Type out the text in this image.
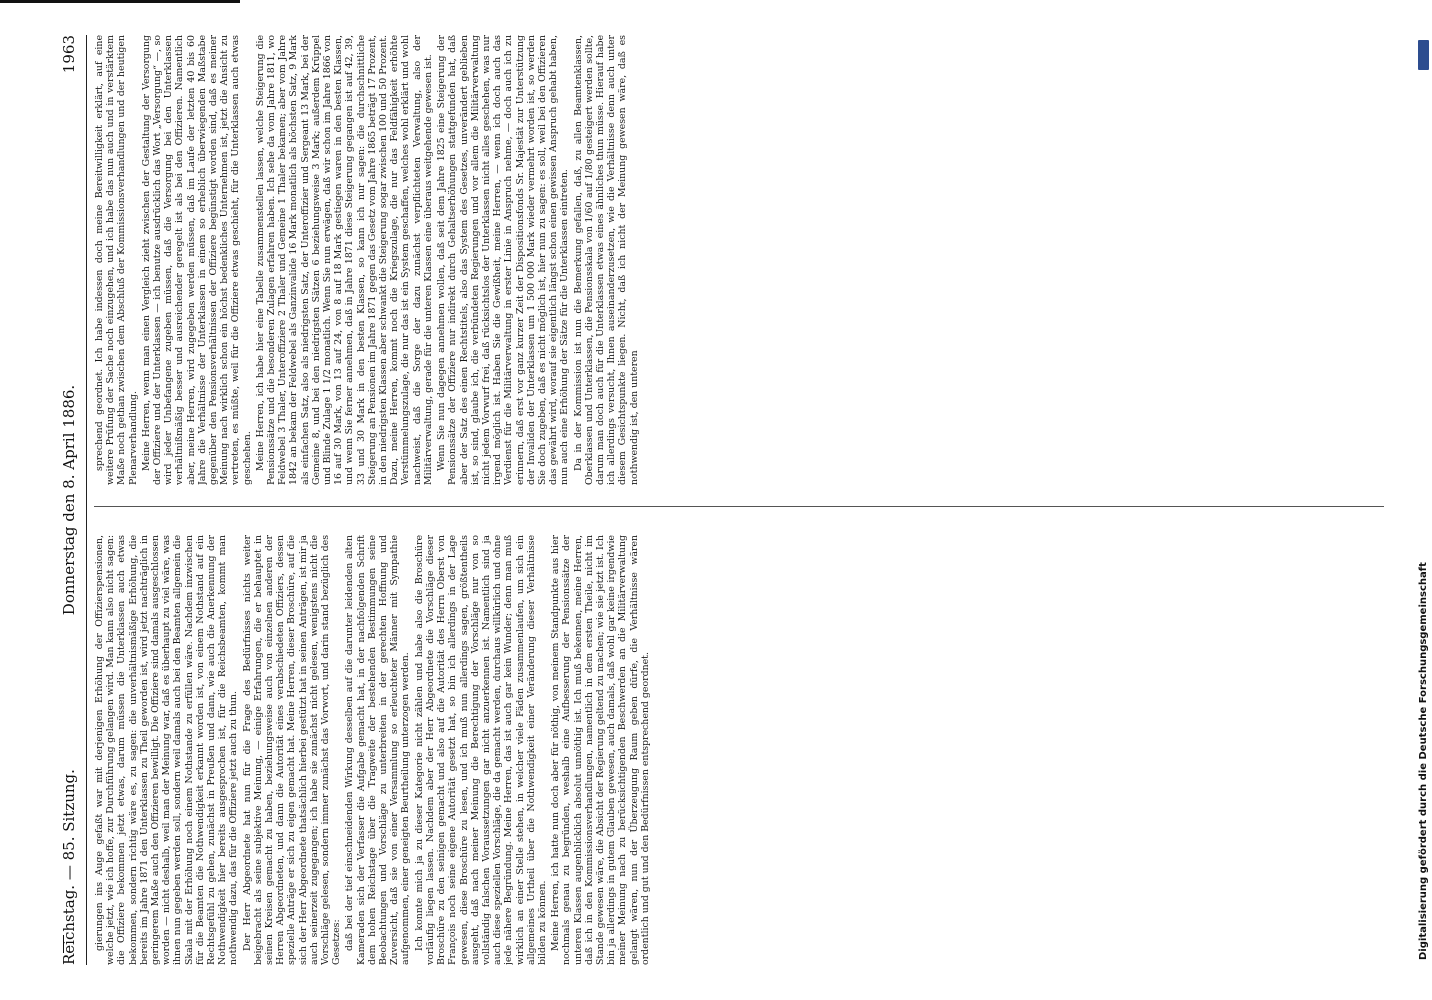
Reichstag. — 85. Sitzung.
Donnerstag den 8. April 1886.
1963

gierungen ins Auge gefaßt war mit derjenigen Erhöhung der Offizierspensionen, welche jetzt, wie ich hoffe, zur Durchführung gelangen wird. Man kann also nicht sagen: die Offiziere bekommen jetzt etwas, darum müssen die Unterklassen auch etwas bekommen, sondern richtig wäre es, zu sagen: die unverhältnismäßige Erhöhung, die bereits im Jahre 1871 den Unterklassen zu Theil geworden ist, wird jetzt nachträglich in geringerem Maße auch den Offizieren bewilligt. Die Offiziere sind damals ausgeschlossen worden — nicht deshalb, weil man der Meinung war, daß es überhaupt zu viel wäre, was ihnen nun gegeben werden soll, sondern weil damals auch bei den Beamten allgemein die Skala mit der Erhöhung noch einem Nothstande zu erfüllen wäre. Nachdem inzwischen für die Beamten die Nothwendigkeit erkannt worden ist, von einem Nothstand auf ein Rechtsgefühl zu gehen, zunächst in Preußen und dann, wie auch die Anerkennung der Nothwendigkeit hier bereits ausgesprochen ist, für die Reichsbeamten, kommt man nothwendig dazu, das für die Offiziere jetzt auch zu thun. Der Herr Abgeordnete hat nun für die Frage des Bedürfnisses nichts weiter beigebracht als seine subjektive Meinung, — einige Erfahrungen, die er behauptet in seinen Kreisen gemacht zu haben, beziehungsweise auch von einzelnen anderen der Herren Abgeordneten, und dann die Autorität eines verabschiedeten Offiziers, dessen spezielle Anträge er sich zu eigen gemacht hat. Meine Herren, dieser Broschüre, auf die sich der Herr Abgeordnete thatsächlich hierbei gestützt hat in seinen Anträgen, ist mir ja auch seinerzeit zugegangen; ich habe sie zunächst nicht gelesen, wenigstens nicht die Vorschläge gelesen, sondern immer zunächst das Vorwort, und darin stand bezüglich des Gesetzes: daß bei der tief einschneidenden Wirkung desselben auf die darunter leidenden alten Kameraden sich der Verfasser die Aufgabe gemacht hat, in der nachfolgenden Schrift dem hohen Reichstage über die Tragweite der bestehenden Bestimmungen seine Beobachtungen und Vorschläge zu unterbreiten in der gerechten Hoffnung und Zuversicht, daß sie von einer Versammlung so erleuchteter Männer mit Sympathie aufgenommen, einer geneigten Beurtheilung unterzogen werden. Ich konnte mich ja zu dieser Kategorie nicht zählen und habe also die Broschüre vorläufig liegen lassen. Nachdem aber der Herr Abgeordnete die Vorschläge dieser Broschüre zu den seinigen gemacht und also auf die Autorität des Herrn Oberst von François noch seine eigene Autorität gesetzt hat, so bin ich allerdings in der Lage gewesen, diese Broschüre zu lesen, und ich muß nun allerdings sagen, größtentheils ausgeht, daß nach meiner Meinung die Berechtigung der Vorschläge nur von so vollständig falschen Voraussetzungen gar nicht anzuerkennen ist. Namentlich sind ja auch diese speziellen Vorschläge, die da gemacht werden, durchaus willkürlich und ohne jede nähere Begründung. Meine Herren, das ist auch gar kein Wunder; denn man muß wirklich an einer Stelle stehen, in welcher viele Fäden zusammenlaufen, um sich ein allgemeines Urtheil über die Nothwendigkeit einer Veränderung dieser Verhältnisse bilden zu können. Meine Herren, ich hatte nun doch aber für nöthig, von meinem Standpunkte aus hier nochmals genau zu begründen, weshalb eine Aufbesserung der Pensionssätze der unteren Klassen augenblicklich absolut unnöthig ist. Ich muß bekennen, meine Herren, daß ich in den Kommissionsverhandlungen, namentlich in dem ersten Theile, nicht im Stande gewesen wäre, die Absicht der Regierung geltend zu machen; wie sie jetzt ist. Ich bin ja allerdings in gutem Glauben gewesen, auch damals, daß wohl gar keine irgendwie meiner Meinung nach zu berücksichtigenden Beschwerden an die Militärverwaltung gelangt wären, nun der Überzeugung Raum geben dürfe, die Verhältnisse wären ordentlich und gut und den Bedürfnissen entsprechend geordnet.

sprechend geordnet. Ich habe indessen doch meine Bereitwilligkeit erklärt, auf eine weitere Prüfung der Sache noch einzugehen, und ich habe das nun auch und in verstärktem Maße noch gethan zwischen dem Abschluß der Kommissionsverhandlungen und der heutigen Plenarverhandlung. Meine Herren, wenn man einen Vergleich zieht zwischen der Gestaltung der Versorgung der Offiziere und der Unterklassen — ich benutze ausdrücklich das Wort „Versorgung“ —, so wird jeder Unbefangene zugeben müssen, daß die Versorgung bei den Unterklassen verhältnißmäßig besser und ausreichender geregelt ist als bei den Offizieren. Namentlich aber, meine Herren, wird zugegeben werden müssen, daß im Laufe der letzten 40 bis 60 Jahre die Verhältnisse der Unterklassen in einem so erheblich überwiegenden Maßstabe gegenüber den Pensionsverhältnissen der Offiziere begünstigt worden sind, daß es meiner Meinung nach wirklich schon ein höchst bedenkliches Unternehmen ist, jetzt die Ansicht zu vertreten, es müßte, weil für die Offiziere etwas geschieht, für die Unterklassen auch etwas geschehen. Meine Herren, ich habe hier eine Tabelle zusammenstellen lassen, welche Steigerung die Pensionssätze und die besonderen Zulagen erfahren haben. Ich sehe da vom Jahre 1811, wo Feldwebel 3 Thaler, Unteroffiziere 2 Thaler und Gemeine 1 Thaler bekamen; aber vom Jahre 1842 an bekam der Feldwebel als Ganzinvalide 16 Mark monatlich als höchsten Satz, 9 Mark als einfachen Satz, also als niedrigsten Satz, der Unteroffizier und Sergeant 13 Mark, bei der Gemeine 8, und bei den niedrigsten Sätzen 6 beziehungsweise 3 Mark; außerdem Krüppel und Blinde Zulage 1 1/2 monatlich. Wenn Sie nun erwägen, daß wir schon im Jahre 1866 von 16 auf 30 Mark, von 13 auf 24, von 8 auf 18 Mark gestiegen waren in den besten Klassen, und wenn Sie ferner annehmen, daß in Jahre 1871 diese Steigerung gegangen ist auf 42, 39, 33 und 30 Mark in den besten Klassen, so kann ich nur sagen: die durchschnittliche Steigerung an Pensionen im Jahre 1871 gegen das Gesetz vom Jahre 1865 beträgt 17 Prozent, in den niedrigsten Klassen aber schwankt die Steigerung sogar zwischen 100 und 50 Prozent. Dazu, meine Herren, kommt noch die Kriegszulage, die nur das Feldfähigkeit erhöhte Verstümmelungszulage, die nur das ist ein System geschaffen, welches wohl erklärt und wohl nachweist, daß die Sorge der dazu zunächst verpflichteten Verwaltung, also der Militärverwaltung, gerade für die unteren Klassen eine überaus weitgehende gewesen ist. Wenn Sie nun dagegen annehmen wollen, daß seit dem Jahre 1825 eine Steigerung der Pensionssätze der Offiziere nur indirekt durch Gehaltserhöhungen stattgefunden hat, daß aber der Satz des einen Rechtstitels, also das System des Gesetzes, unverändert geblieben ist, so sind, glaube ich, die verbündeten Regierungen und vor allem die Militärverwaltung nicht jedem Vorwurf frei, daß rücksichtslos der Unterklassen nicht alles geschehen, was nur irgend möglich ist. Haben Sie die Gewißheit, meine Herren, — wenn ich doch auch das Verdienst für die Militärverwaltung in erster Linie in Anspruch nehme, — doch auch ich zu erinnern, daß erst vor ganz kurzer Zeit der Dispositionsfonds Sr. Majestät zur Unterstützung der Invaliden der Unterklassen um 1 500 000 Mark wieder vermehrt worden ist, so werden Sie doch zugeben, daß es nicht möglich ist, hier nun zu sagen: es soll, weil bei den Offizieren das gewährt wird, worauf sie eigentlich längst schon einen gewissen Anspruch gehabt haben, nun auch eine Erhöhung der Sätze für die Unterklassen eintreten. Da in der Kommission ist nun die Bemerkung gefallen, daß, zu allen Beamtenklassen, Oberklassen und Unterklassen, die Pensionsskala von 1/60 auf 1/80 gesteigert werden sollte, darum man doch auch für die Unterklassen etwas eines ähnliches thun müsse. Hierauf habe ich allerdings versucht, Ihnen auseinanderzusetzen, wie die Verhältnisse denn auch unter diesem Gesichtspunkte liegen. Nicht, daß ich nicht der Meinung gewesen wäre, daß es nothwendig ist, den unteren

Digitalisierung gefördert durch die Deutsche Forschungsgemeinschaft
